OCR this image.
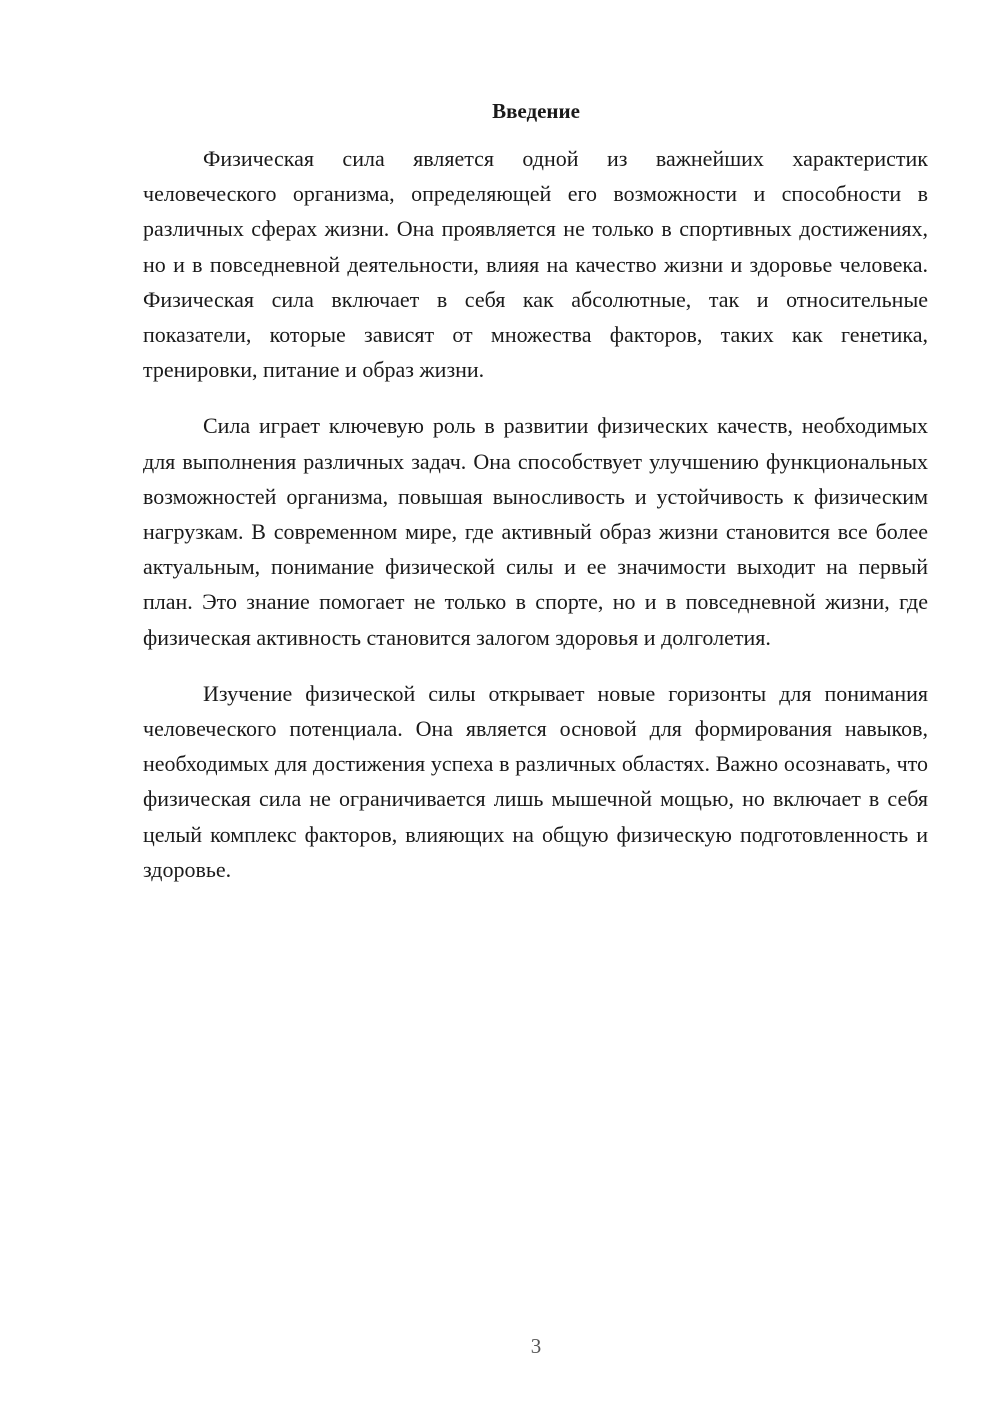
Введение

Физическая сила является одной из важнейших характеристик человеческого организма, определяющей его возможности и способности в различных сферах жизни. Она проявляется не только в спортивных достижениях, но и в повседневной деятельности, влияя на качество жизни и здоровье человека. Физическая сила включает в себя как абсолютные, так и относительные показатели, которые зависят от множества факторов, таких как генетика, тренировки, питание и образ жизни.

Сила играет ключевую роль в развитии физических качеств, необходимых для выполнения различных задач. Она способствует улучшению функциональных возможностей организма, повышая выносливость и устойчивость к физическим нагрузкам. В современном мире, где активный образ жизни становится все более актуальным, понимание физической силы и ее значимости выходит на первый план. Это знание помогает не только в спорте, но и в повседневной жизни, где физическая активность становится залогом здоровья и долголетия.

Изучение физической силы открывает новые горизонты для понимания человеческого потенциала. Она является основой для формирования навыков, необходимых для достижения успеха в различных областях. Важно осознавать, что физическая сила не ограничивается лишь мышечной мощью, но включает в себя целый комплекс факторов, влияющих на общую физическую подготовленность и здоровье.

3
